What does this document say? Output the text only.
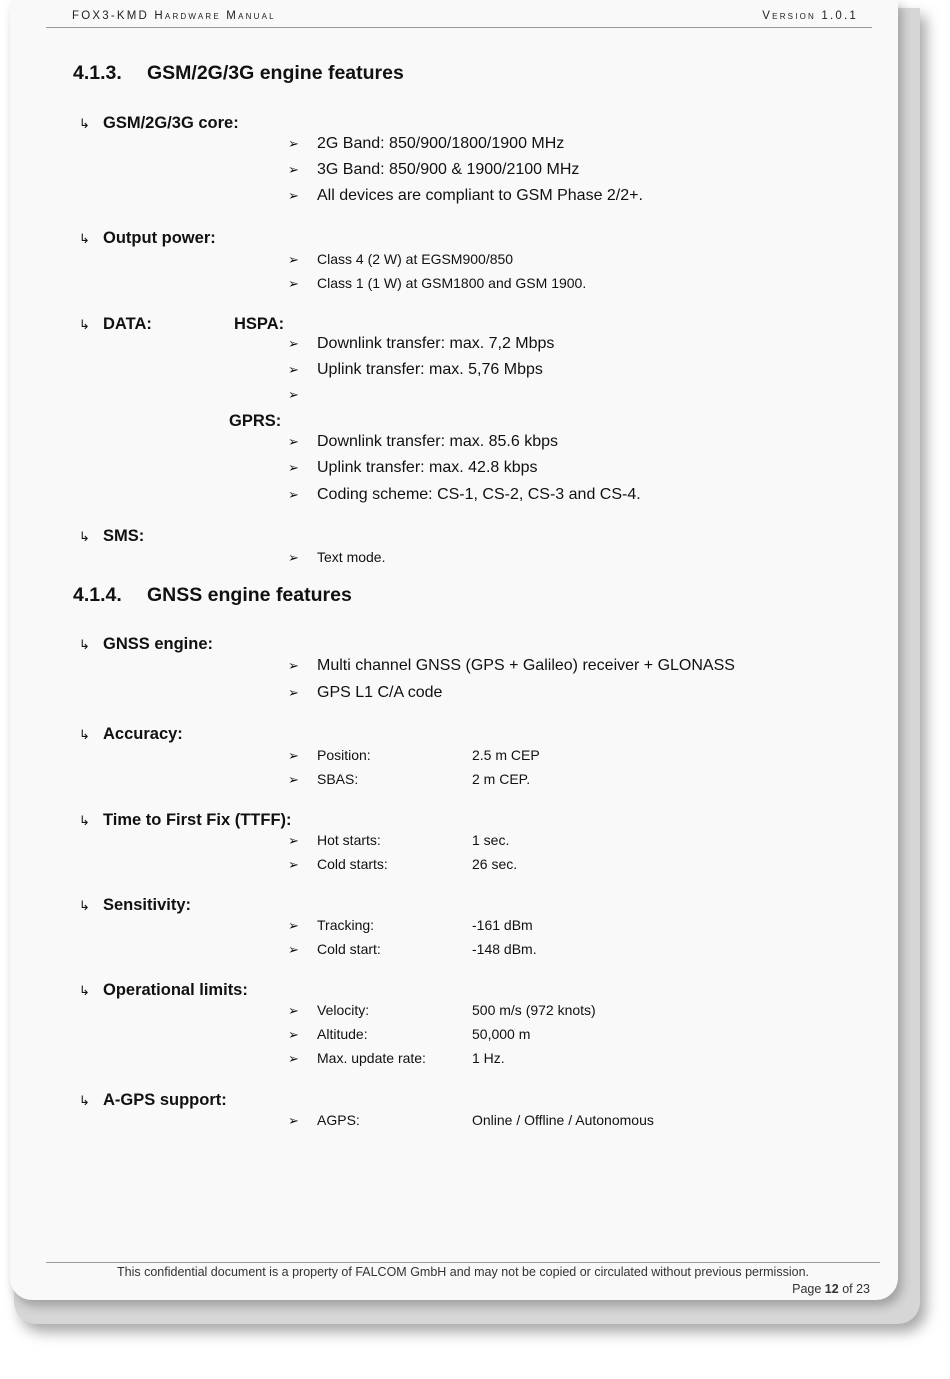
FOX3-KMD Hardware Manual	Version 1.0.1
4.1.3. GSM/2G/3G engine features
↳ GSM/2G/3G core:
➢ 2G Band: 850/900/1800/1900 MHz
➢ 3G Band: 850/900 & 1900/2100 MHz
➢ All devices are compliant to GSM Phase 2/2+.
↳ Output power:
➢ Class 4 (2 W) at EGSM900/850
➢ Class 1 (1 W) at GSM1800 and GSM 1900.
↳ DATA:	HSPA:
➢ Downlink transfer: max. 7,2 Mbps
➢ Uplink transfer: max. 5,76 Mbps
➢
GPRS:
➢ Downlink transfer: max. 85.6 kbps
➢ Uplink transfer: max. 42.8 kbps
➢ Coding scheme: CS-1, CS-2, CS-3 and CS-4.
↳ SMS:
➢ Text mode.
4.1.4. GNSS engine features
↳ GNSS engine:
➢ Multi channel GNSS (GPS + Galileo) receiver + GLONASS
➢ GPS L1 C/A code
↳ Accuracy:
➢ Position:	2.5 m CEP
➢ SBAS:	2 m CEP.
↳ Time to First Fix (TTFF):
➢ Hot starts:	1 sec.
➢ Cold starts:	26 sec.
↳ Sensitivity:
➢ Tracking:	-161 dBm
➢ Cold start:	-148 dBm.
↳ Operational limits:
➢ Velocity:	500 m/s (972 knots)
➢ Altitude:	50,000 m
➢ Max. update rate:	1 Hz.
↳ A-GPS support:
➢ AGPS:	Online / Offline / Autonomous
This confidential document is a property of FALCOM GmbH and may not be copied or circulated without previous permission.
Page 12 of 23
